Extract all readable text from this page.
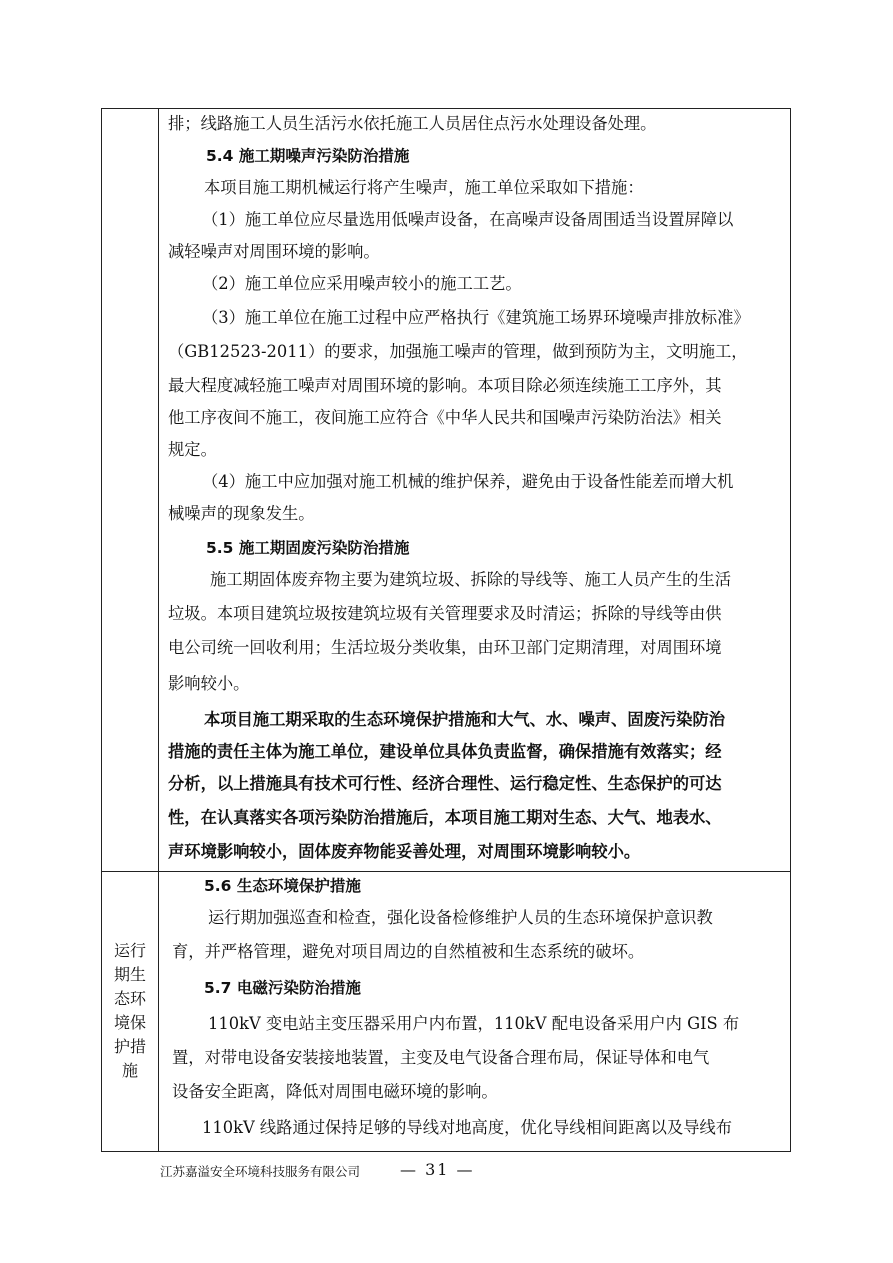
运行
期生
态环
境保
护措
施
排；线路施工人员生活污水依托施工人员居住点污水处理设备处理。
5.4 施工期噪声污染防治措施
本项目施工期机械运行将产生噪声，施工单位采取如下措施：
（1）施工单位应尽量选用低噪声设备，在高噪声设备周围适当设置屏障以
减轻噪声对周围环境的影响。
（2）施工单位应采用噪声较小的施工工艺。
（3）施工单位在施工过程中应严格执行《建筑施工场界环境噪声排放标准》
（GB12523-2011）的要求，加强施工噪声的管理，做到预防为主，文明施工，
最大程度减轻施工噪声对周围环境的影响。本项目除必须连续施工工序外，其
他工序夜间不施工，夜间施工应符合《中华人民共和国噪声污染防治法》相关
规定。
（4）施工中应加强对施工机械的维护保养，避免由于设备性能差而增大机
械噪声的现象发生。
5.5 施工期固废污染防治措施
施工期固体废弃物主要为建筑垃圾、拆除的导线等、施工人员产生的生活
垃圾。本项目建筑垃圾按建筑垃圾有关管理要求及时清运；拆除的导线等由供
电公司统一回收利用；生活垃圾分类收集，由环卫部门定期清理，对周围环境
影响较小。
本项目施工期采取的生态环境保护措施和大气、水、噪声、固废污染防治
措施的责任主体为施工单位，建设单位具体负责监督，确保措施有效落实；经
分析，以上措施具有技术可行性、经济合理性、运行稳定性、生态保护的可达
性，在认真落实各项污染防治措施后，本项目施工期对生态、大气、地表水、
声环境影响较小，固体废弃物能妥善处理，对周围环境影响较小。
5.6 生态环境保护措施
运行期加强巡查和检查，强化设备检修维护人员的生态环境保护意识教
育，并严格管理，避免对项目周边的自然植被和生态系统的破坏。
5.7 电磁污染防治措施
110kV 变电站主变压器采用户内布置，110kV 配电设备采用户内 GIS 布
置，对带电设备安装接地装置，主变及电气设备合理布局，保证导体和电气
设备安全距离，降低对周围电磁环境的影响。
110kV 线路通过保持足够的导线对地高度，优化导线相间距离以及导线布
江苏嘉溢安全环境科技服务有限公司 — 31 —
